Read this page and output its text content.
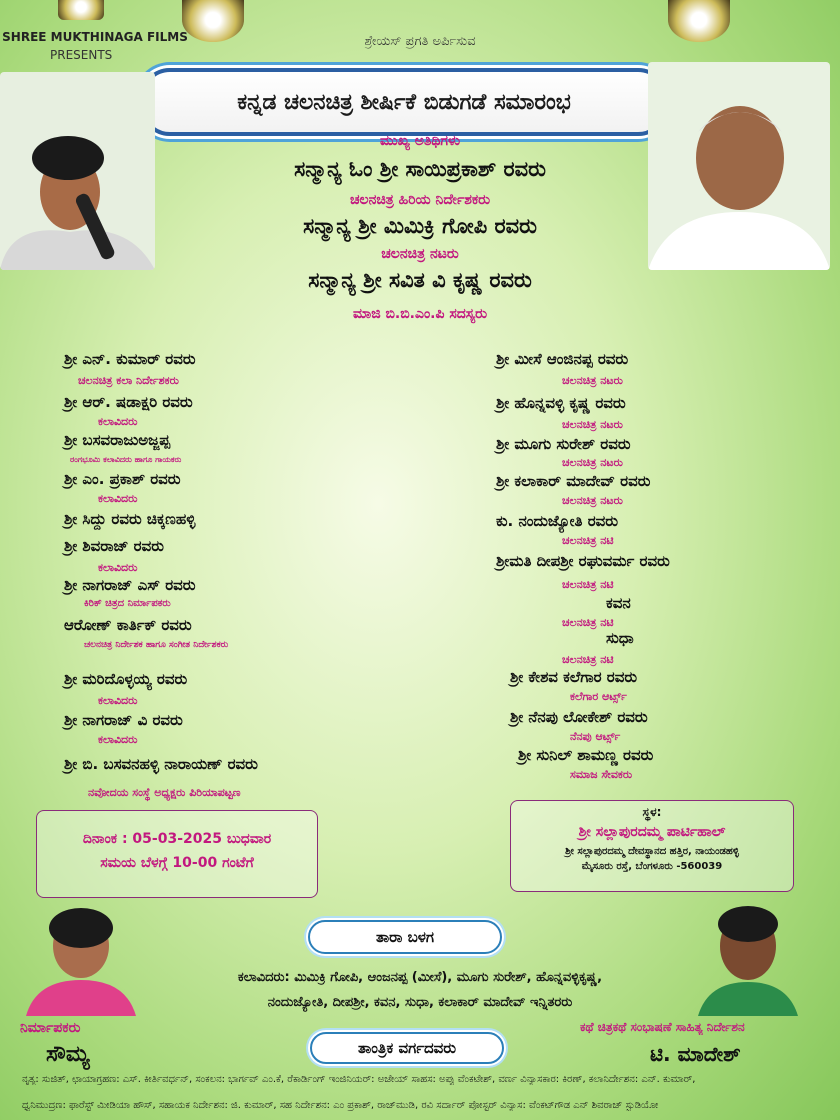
SHREE MUKTHINAGA FILMS
PRESENTS
ಶ್ರೇಯಸ್ ಪ್ರಗತಿ ಅರ್ಪಿಸುವ
ಕನ್ನಡ ಚಲನಚಿತ್ರ ಶೀರ್ಷಿಕೆ ಬಿಡುಗಡೆ ಸಮಾರಂಭ
ಮುಖ್ಯ ಅತಿಥಿಗಳು
ಸನ್ಮಾನ್ಯ ಓಂ ಶ್ರೀ ಸಾಯಿಪ್ರಕಾಶ್ ರವರು
ಚಲನಚಿತ್ರ ಹಿರಿಯ ನಿರ್ದೇಶಕರು
ಸನ್ಮಾನ್ಯ ಶ್ರೀ ಮಿಮಿಕ್ರಿ ಗೋಪಿ ರವರು
ಚಲನಚಿತ್ರ ನಟರು
ಸನ್ಮಾನ್ಯ ಶ್ರೀ ಸವಿತ ವಿ ಕೃಷ್ಣ ರವರು
ಮಾಜಿ ಬಿ.ಬಿ.ಎಂ.ಪಿ ಸದಸ್ಯರು
ಶ್ರೀ ಎನ್. ಕುಮಾರ್ ರವರು
ಚಲನಚಿತ್ರ ಕಲಾ ನಿರ್ದೇಶಕರು
ಶ್ರೀ ಆರ್. ಷಡಾಕ್ಷರಿ ರವರು
ಕಲಾವಿದರು
ಶ್ರೀ ಬಸವರಾಜುಅಜ್ಜಪ್ಪ
ರಂಗಭೂಮಿ ಕಲಾವಿದರು ಹಾಗೂ ಗಾಯಕರು
ಶ್ರೀ ಎಂ. ಪ್ರಕಾಶ್ ರವರು
ಕಲಾವಿದರು
ಶ್ರೀ ಸಿದ್ದು ರವರು ಚಿಕ್ಕಣಹಳ್ಳಿ
ಶ್ರೀ ಶಿವರಾಜ್ ರವರು
ಕಲಾವಿದರು
ಶ್ರೀ ನಾಗರಾಜ್ ಎಸ್ ರವರು
ಕಿರಿಕ್ ಚಿತ್ರದ ನಿರ್ಮಾಪಕರು
ಆರೋಣ್ ಕಾರ್ತಿಕ್ ರವರು
ಚಲನಚಿತ್ರ ನಿರ್ದೇಶಕ ಹಾಗೂ ಸಂಗೀತ ನಿರ್ದೇಶಕರು
ಶ್ರೀ ಮರಿದೊಳ್ಳಯ್ಯ ರವರು
ಕಲಾವಿದರು
ಶ್ರೀ ನಾಗರಾಜ್ ವಿ ರವರು
ಕಲಾವಿದರು
ಶ್ರೀ ಬಿ. ಬಸವನಹಳ್ಳಿ ನಾರಾಯಣ್ ರವರು
ನವೋದಯ ಸಂಸ್ಥೆ ಅಧ್ಯಕ್ಷರು ಪಿರಿಯಾಪಟ್ಟಣ
ಶ್ರೀ ಮೀಸೆ ಆಂಜಿನಪ್ಪ ರವರು
ಚಲನಚಿತ್ರ ನಟರು
ಶ್ರೀ ಹೊನ್ನವಳ್ಳಿ ಕೃಷ್ಣ ರವರು
ಚಲನಚಿತ್ರ ನಟರು
ಶ್ರೀ ಮೂಗು ಸುರೇಶ್ ರವರು
ಚಲನಚಿತ್ರ ನಟರು
ಶ್ರೀ ಕಲಾಕಾರ್ ಮಾದೇವ್ ರವರು
ಚಲನಚಿತ್ರ ನಟರು
ಕು. ನಂದುಜ್ಯೋತಿ ರವರು
ಚಲನಚಿತ್ರ ನಟಿ
ಶ್ರೀಮತಿ ದೀಪಶ್ರೀ ರಘುವರ್ಮ ರವರು
ಚಲನಚಿತ್ರ ನಟಿ
ಕವನ
ಚಲನಚಿತ್ರ ನಟಿ
ಸುಧಾ
ಚಲನಚಿತ್ರ ನಟಿ
ಶ್ರೀ ಕೇಶವ ಕಲೆಗಾರ ರವರು
ಕಲೆಗಾರ ಆರ್ಟ್ಸ್
ಶ್ರೀ ನೆನಪು ಲೋಕೇಶ್ ರವರು
ನೆನಪು ಆರ್ಟ್ಸ್
ಶ್ರೀ ಸುನಿಲ್ ಶಾಮಣ್ಣ ರವರು
ಸಮಾಜ ಸೇವಕರು
ದಿನಾಂಕ : 05-03-2025 ಬುಧವಾರ
ಸಮಯ ಬೆಳಗ್ಗೆ 10-00 ಗಂಟೆಗೆ
ಸ್ಥಳ:
ಶ್ರೀ ಸಲ್ಲಾಪುರದಮ್ಮ ಪಾರ್ಟಿಹಾಲ್
ಶ್ರೀ ಸಲ್ಲಾಪುರದಮ್ಮ ದೇವಸ್ಥಾನದ ಹತ್ತಿರ, ನಾಯಂಡಹಳ್ಳಿ
ಮೈಸೂರು ರಸ್ತೆ, ಬೆಂಗಳೂರು -560039
ತಾರಾ ಬಳಗ
ಕಲಾವಿದರು: ಮಿಮಿಕ್ರಿ ಗೋಪಿ, ಆಂಜನಪ್ಪ (ಮೀಸೆ), ಮೂಗು ಸುರೇಶ್, ಹೊನ್ನವಳ್ಳಿಕೃಷ್ಣ,
ನಂದುಜ್ಯೋತಿ, ದೀಪಶ್ರೀ, ಕವನ, ಸುಧಾ, ಕಲಾಕಾರ್ ಮಾದೇವ್ ಇನ್ನಿತರರು
ನಿರ್ಮಾಪಕರು
ಸೌಮ್ಯ
ಕಥೆ ಚಿತ್ರಕಥೆ ಸಂಭಾಷಣೆ ಸಾಹಿತ್ಯ ನಿರ್ದೇಶನ
ಟಿ. ಮಾದೇಶ್
ತಾಂತ್ರಿಕ ವರ್ಗದವರು
ನೃತ್ಯ: ಸುಜಿತ್, ಛಾಯಾಗ್ರಹಣ: ಎಸ್. ಕೀರ್ತಿವರ್ಧನ್, ಸಂಕಲನ: ಭಾರ್ಗವ್ ಎಂ.ಕೆ, ರೆಕಾರ್ಡಿಂಗ್ ಇಂಜಿನಿಯರ್: ಅಜೇಯ್ ಸಾಹಸ: ಅಪ್ಪು ವೆಂಕಟೇಶ್, ವರ್ಣ ವಿನ್ಯಾಸಕಾರ: ಕಿರಣ್, ಕಲಾನಿರ್ದೇಶನ: ಎನ್. ಕುಮಾರ್,
ಧ್ವನಿಮುದ್ರಣ: ಫಾರೆಸ್ಟ್ ಮೀಡಿಯಾ ಹೌಸ್, ಸಹಾಯಕ ನಿರ್ದೇಶನ: ಜಿ. ಕುಮಾರ್, ಸಹ ನಿರ್ದೇಶನ: ಎಂ ಪ್ರಕಾಶ್, ರಾಜ್‌ಮುಡಿ, ರವಿ ಸರ್ದಾರ್ ಪೋಸ್ಟರ್ ವಿನ್ಯಾಸ: ವೆಂಕಟ್‌ಗೌಡ ಎನ್ ಶಿವರಾಜ್ ಸ್ಟುಡಿಯೋ
